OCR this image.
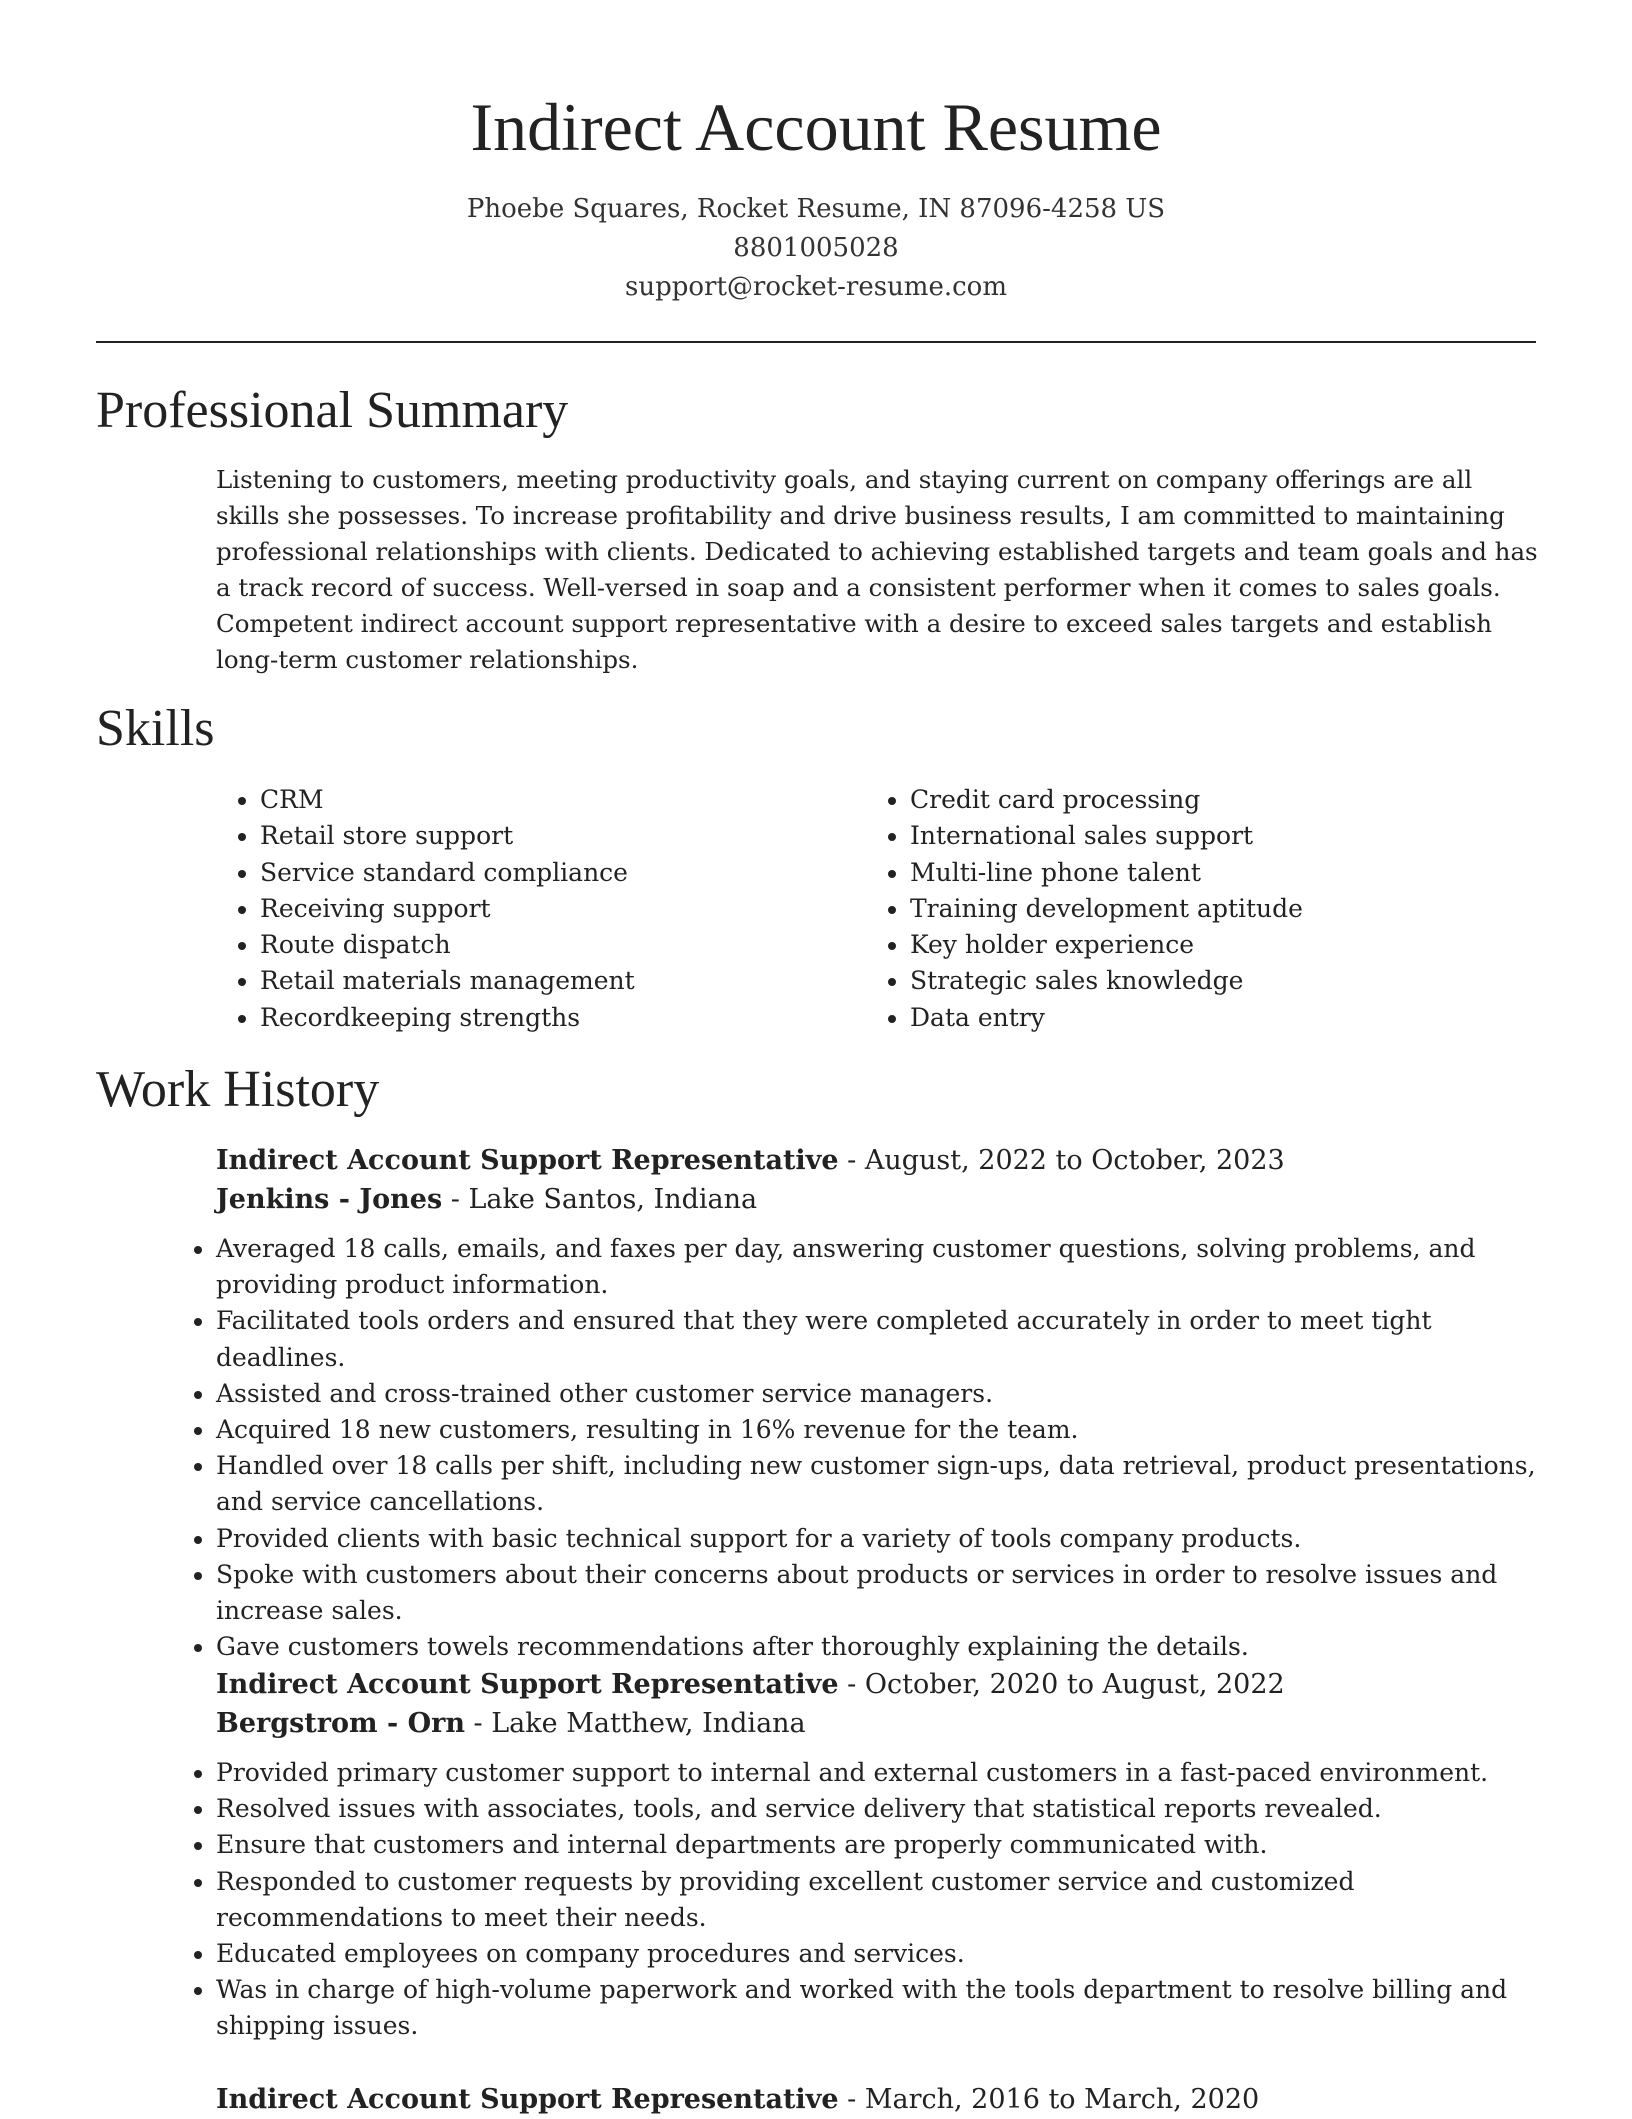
Indirect Account Resume
Phoebe Squares, Rocket Resume, IN 87096-4258 US
8801005028
support@rocket-resume.com
Professional Summary

Listening to customers, meeting productivity goals, and staying current on company offerings are all skills she possesses. To increase profitability and drive business results, I am committed to maintaining professional relationships with clients. Dedicated to achieving established targets and team goals and has a track record of success. Well-versed in soap and a consistent performer when it comes to sales goals. Competent indirect account support representative with a desire to exceed sales targets and establish long-term customer relationships.

Skills
• CRM
• Retail store support
• Service standard compliance
• Receiving support
• Route dispatch
• Retail materials management
• Recordkeeping strengths
• Credit card processing
• International sales support
• Multi-line phone talent
• Training development aptitude
• Key holder experience
• Strategic sales knowledge
• Data entry
Work History
Indirect Account Support Representative - August, 2022 to October, 2023
Jenkins - Jones - Lake Santos, Indiana
• Averaged 18 calls, emails, and faxes per day, answering customer questions, solving problems, and providing product information.
• Facilitated tools orders and ensured that they were completed accurately in order to meet tight deadlines.
• Assisted and cross-trained other customer service managers.
• Acquired 18 new customers, resulting in 16% revenue for the team.
• Handled over 18 calls per shift, including new customer sign-ups, data retrieval, product presentations, and service cancellations.
• Provided clients with basic technical support for a variety of tools company products.
• Spoke with customers about their concerns about products or services in order to resolve issues and increase sales.
• Gave customers towels recommendations after thoroughly explaining the details.
Indirect Account Support Representative - October, 2020 to August, 2022
Bergstrom - Orn - Lake Matthew, Indiana
• Provided primary customer support to internal and external customers in a fast-paced environment.
• Resolved issues with associates, tools, and service delivery that statistical reports revealed.
• Ensure that customers and internal departments are properly communicated with.
• Responded to customer requests by providing excellent customer service and customized recommendations to meet their needs.
• Educated employees on company procedures and services.
• Was in charge of high-volume paperwork and worked with the tools department to resolve billing and shipping issues.
Indirect Account Support Representative - March, 2016 to March, 2020
